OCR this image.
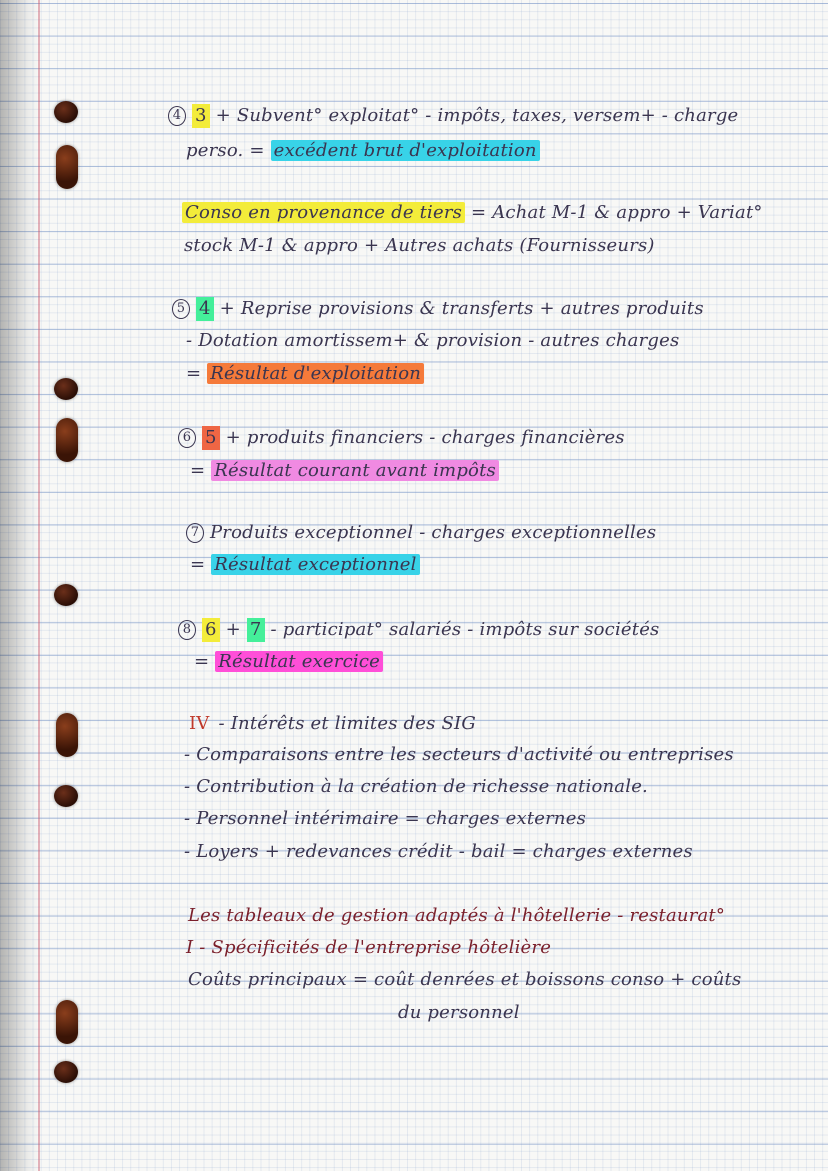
4 3 + Subvent° exploitat° - impôts, taxes, versem+ - charge
perso. = excédent brut d'exploitation
Conso en provenance de tiers = Achat M-1 & appro + Variat°
stock M-1 & appro + Autres achats (Fournisseurs)
5 4 + Reprise provisions & transferts + autres produits
- Dotation amortissem+ & provision - autres charges
= Résultat d'exploitation
6 5 + produits financiers - charges financières
= Résultat courant avant impôts
7 Produits exceptionnel - charges exceptionnelles
= Résultat exceptionnel
8 6 + 7 - participat° salariés - impôts sur sociétés
= Résultat exercice
IV - Intérêts et limites des SIG
- Comparaisons entre les secteurs d'activité ou entreprises
- Contribution à la création de richesse nationale.
- Personnel intérimaire = charges externes
- Loyers + redevances crédit - bail = charges externes
Les tableaux de gestion adaptés à l'hôtellerie - restaurat°
I - Spécificités de l'entreprise hôtelière
Coûts principaux = coût denrées et boissons conso + coûts
du personnel
